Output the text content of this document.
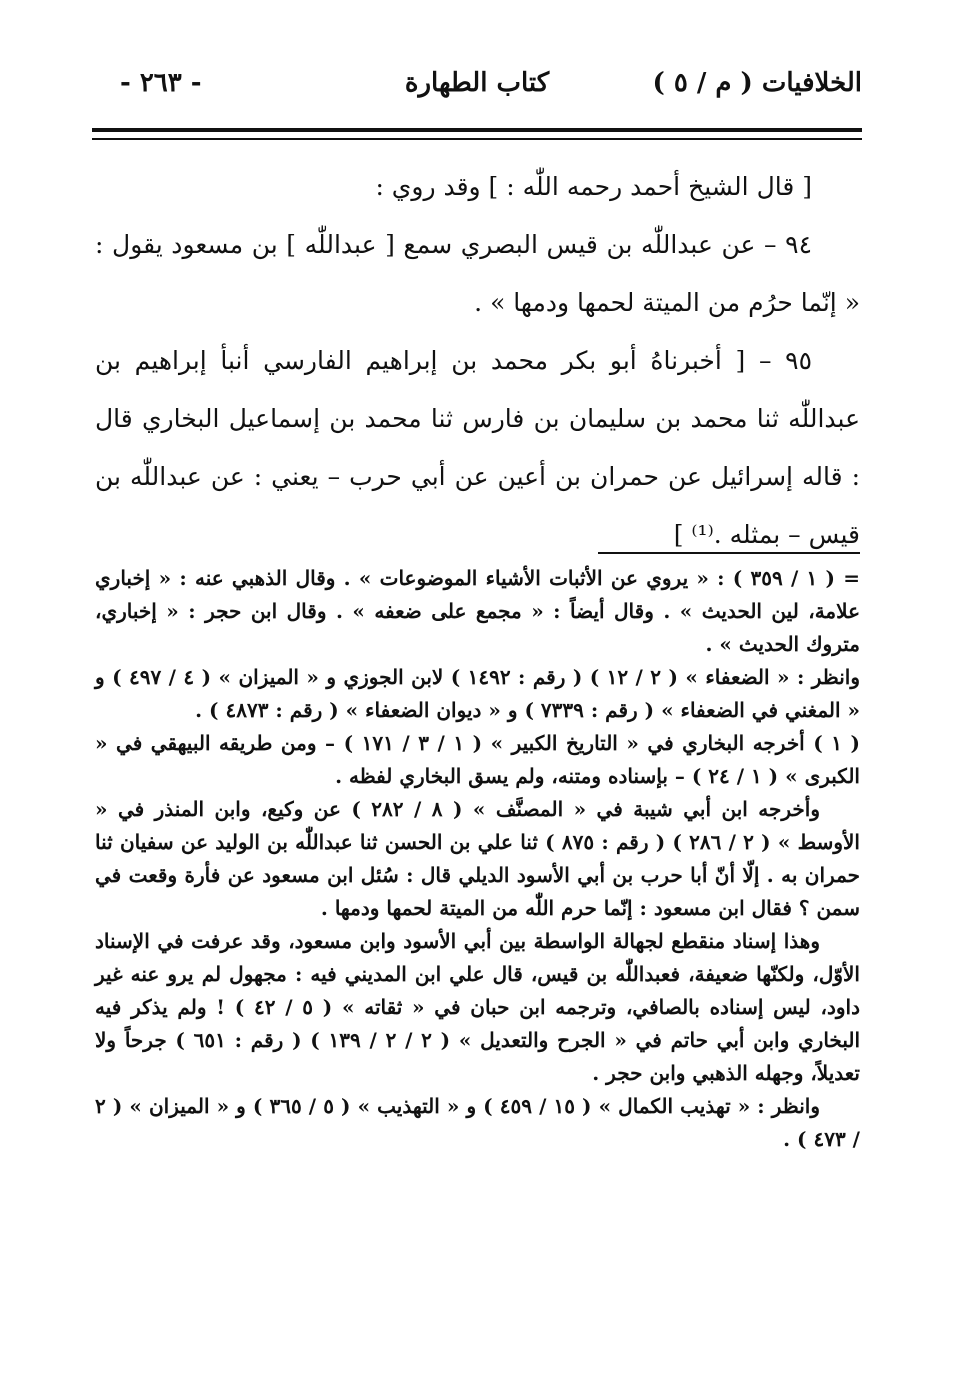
الخلافيات ( م / ٥ )
كتاب الطهارة
- ٢٦٣ -

[ قال الشيخ أحمد رحمه اللّٰه : ] وقد روي :

٩٤ – عن عبداللّٰه بن قيس البصري سمع [ عبداللّٰه ] بن مسعود يقول : « إنّما حرُم من الميتة لحمها ودمها » .

٩٥ – [ أخبرناهُ أبو بكر محمد بن إبراهيم الفارسي أنبأ إبراهيم بن عبداللّٰه ثنا محمد بن سليمان بن فارس ثنا محمد بن إسماعيل البخاري قال : قاله إسرائيل عن حمران بن أعين عن أبي حرب – يعني : عن عبداللّٰه بن قيس – بمثله .⁽¹⁾ ]

= ( ١ / ٣٥٩ ) : « يروي عن الأثبات الأشياء الموضوعات » . وقال الذهبي عنه : « إخباري علامة، لين الحديث » . وقال أيضاً : « مجمع على ضعفه » . وقال ابن حجر : « إخباري، متروك الحديث » .

وانظر : « الضعفاء » ( ٢ / ١٢ ) ( رقم : ١٤٩٢ ) لابن الجوزي و « الميزان » ( ٤ / ٤٩٧ ) و « المغني في الضعفاء » ( رقم : ٧٣٣٩ ) و « ديوان الضعفاء » ( رقم : ٤٨٧٣ ) .

( ١ ) أخرجه البخاري في « التاريخ الكبير » ( ١ / ٣ / ١٧١ ) – ومن طريقه البيهقي في « الكبرى » ( ١ / ٢٤ ) – بإسناده ومتنه، ولم يسق البخاري لفظه .

وأخرجه ابن أبي شيبة في « المصنَّف » ( ٨ / ٢٨٢ ) عن وكيع، وابن المنذر في « الأوسط » ( ٢ / ٢٨٦ ) ( رقم : ٨٧٥ ) ثنا علي بن الحسن ثنا عبداللّٰه بن الوليد عن سفيان ثنا حمران به . إلّا أنّ أبا حرب بن أبي الأسود الديلي قال : سُئل ابن مسعود عن فأرة وقعت في سمن ؟ فقال ابن مسعود : إنّما حرم اللّٰه من الميتة لحمها ودمها .

وهذا إسناد منقطع لجهالة الواسطة بين أبي الأسود وابن مسعود، وقد عرفت في الإسناد الأوّل، ولكنّها ضعيفة، فعبداللّٰه بن قيس، قال علي ابن المديني فيه : مجهول لم يرو عنه غير داود، ليس إسناده بالصافي، وترجمه ابن حبان في « ثقاته » ( ٥ / ٤٢ ) ! ولم يذكر فيه البخاري وابن أبي حاتم في « الجرح والتعديل » ( ٢ / ٢ / ١٣٩ ) ( رقم : ٦٥١ ) جرحاً ولا تعديلاً، وجهله الذهبي وابن حجر .

وانظر : « تهذيب الكمال » ( ١٥ / ٤٥٩ ) و « التهذيب » ( ٥ / ٣٦٥ ) و « الميزان » ( ٢ / ٤٧٣ ) .
